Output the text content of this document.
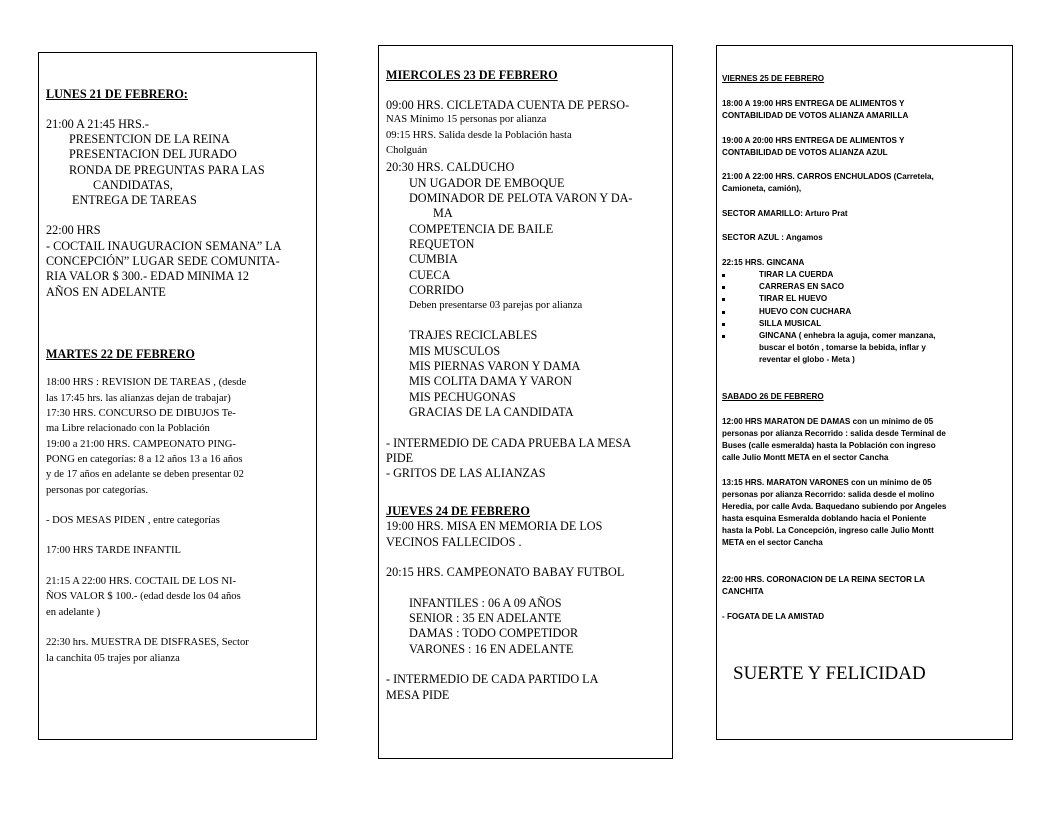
LUNES 21 DE FEBRERO:
21:00 A 21:45 HRS.-
PRESENTCION DE LA REINA
PRESENTACION DEL JURADO
RONDA DE PREGUNTAS PARA LAS
CANDIDATAS,
ENTREGA DE TAREAS
22:00 HRS
- COCTAIL INAUGURACION SEMANA” LA
CONCEPCIÓN” LUGAR SEDE COMUNITA-
RIA VALOR $ 300.- EDAD MINIMA 12
AÑOS EN ADELANTE
MARTES 22 DE FEBRERO
18:00 HRS : REVISION DE TAREAS , (desde
las 17:45 hrs. las alianzas dejan de trabajar)
17:30 HRS. CONCURSO DE DIBUJOS Te-
ma Libre relacionado con la Población
19:00 a 21:00 HRS. CAMPEONATO PING-
PONG en categorías: 8 a 12 años 13 a 16 años
y de 17 años en adelante se deben presentar 02
personas por categorías.
- DOS MESAS PIDEN , entre categorías
17:00 HRS TARDE INFANTIL
21:15 A 22:00 HRS. COCTAIL DE LOS NI-
ÑOS VALOR $ 100.- (edad desde los 04 años
en adelante )
22:30 hrs. MUESTRA DE DISFRASES, Sector
la canchita 05 trajes por alianza
MIERCOLES 23 DE FEBRERO
09:00 HRS. CICLETADA CUENTA DE PERSO-
NAS Mínimo 15 personas por alianza
09:15 HRS. Salida desde la Población hasta
Cholguán
20:30 HRS. CALDUCHO
UN UGADOR DE EMBOQUE
DOMINADOR DE PELOTA VARON Y DA-
MA
COMPETENCIA DE BAILE
REQUETON
CUMBIA
CUECA
CORRIDO
Deben presentarse 03 parejas por alianza
TRAJES RECICLABLES
MIS MUSCULOS
MIS PIERNAS VARON Y DAMA
MIS COLITA DAMA Y VARON
MIS PECHUGONAS
GRACIAS DE LA CANDIDATA
- INTERMEDIO DE CADA PRUEBA LA MESA
PIDE
- GRITOS DE LAS ALIANZAS
JUEVES 24 DE FEBRERO
19:00 HRS. MISA EN MEMORIA DE LOS
VECINOS FALLECIDOS .
20:15 HRS. CAMPEONATO BABAY FUTBOL
INFANTILES : 06 A 09 AÑOS
SENIOR : 35 EN ADELANTE
DAMAS : TODO COMPETIDOR
VARONES : 16 EN ADELANTE
- INTERMEDIO DE CADA PARTIDO LA
MESA PIDE
VIERNES 25 DE FEBRERO
18:00 A 19:00 HRS ENTREGA DE ALIMENTOS Y
CONTABILIDAD DE VOTOS ALIANZA AMARILLA
19:00 A 20:00 HRS ENTREGA DE ALIMENTOS Y
CONTABILIDAD DE VOTOS ALIANZA AZUL
21:00 A 22:00 HRS. CARROS ENCHULADOS (Carretela,
Camioneta, camión),
SECTOR AMARILLO: Arturo Prat
SECTOR AZUL : Angamos
22:15 HRS. GINCANA
TIRAR LA CUERDA
CARRERAS EN SACO
TIRAR EL HUEVO
HUEVO CON CUCHARA
SILLA MUSICAL
GINCANA ( enhebra la aguja, comer manzana,
buscar el botón , tomarse la bebida, inflar y
reventar el globo - Meta )
SABADO 26 DE FEBRERO
12:00 HRS MARATON DE DAMAS con un mínimo de 05
personas por alianza Recorrido : salida desde Terminal de
Buses (calle esmeralda) hasta la Población con ingreso
calle Julio Montt META en el sector Cancha
13:15 HRS. MARATON VARONES con un mínimo de 05
personas por alianza Recorrido: salida desde el molino
Heredia, por calle Avda. Baquedano subiendo por Angeles
hasta esquina Esmeralda doblando hacia el Poniente
hasta la Pobl. La Concepción, ingreso calle Julio Montt
META en el sector Cancha
22:00 HRS. CORONACION DE LA REINA SECTOR LA
CANCHITA
- FOGATA DE LA AMISTAD
SUERTE Y FELICIDAD
